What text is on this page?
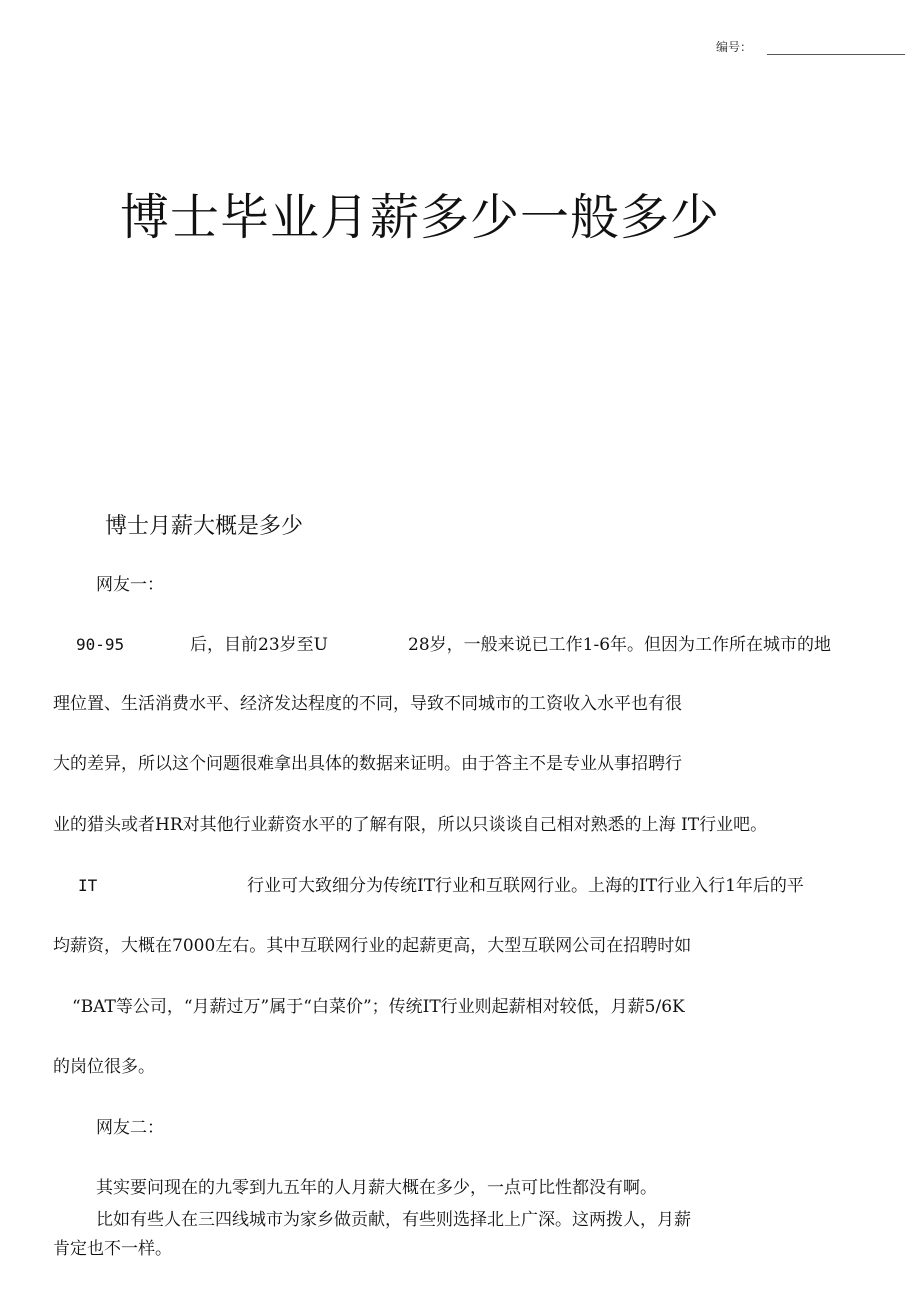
编号：
博士毕业月薪多少一般多少
博士月薪大概是多少
网友一：
90-95	后，目前23岁至U	28岁，一般来说已工作1-6年。但因为工作所在城市的地
理位置、生活消费水平、经济发达程度的不同，导致不同城市的工资收入水平也有很
大的差异，所以这个问题很难拿出具体的数据来证明。由于答主不是专业从事招聘行
业的猎头或者HR对其他行业薪资水平的了解有限，所以只谈谈自己相对熟悉的上海 IT行业吧。
IT	行业可大致细分为传统IT行业和互联网行业。上海的IT行业入行1年后的平
均薪资，大概在7000左右。其中互联网行业的起薪更高，大型互联网公司在招聘时如
“BAT等公司，“月薪过万”属于“白菜价”；传统IT行业则起薪相对较低，月薪5/6K
的岗位很多。
网友二：
其实要问现在的九零到九五年的人月薪大概在多少，一点可比性都没有啊。
比如有些人在三四线城市为家乡做贡献，有些则选择北上广深。这两拨人，月薪
肯定也不一样。
